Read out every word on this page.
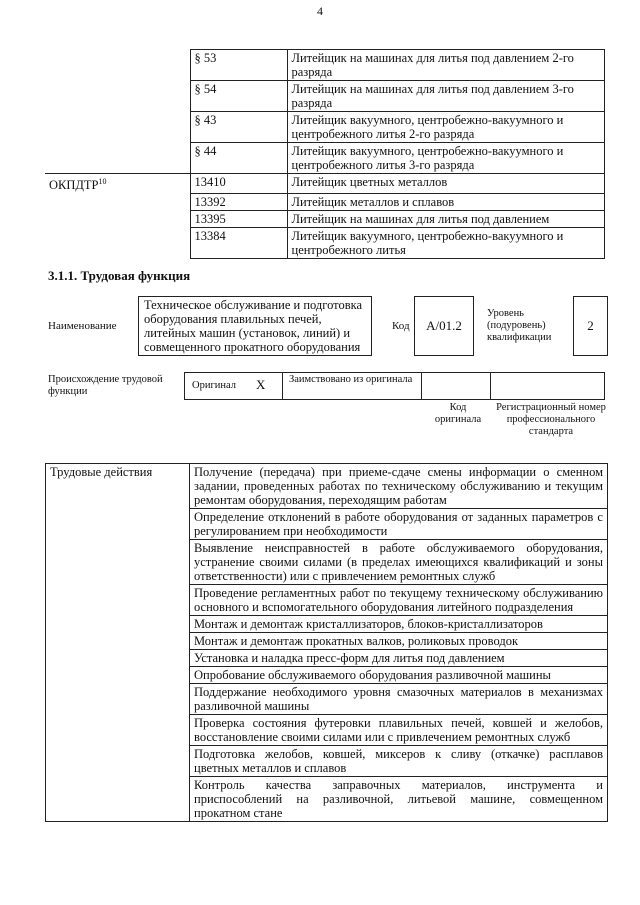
4
	§ 53	Литейщик на машинах для литья под давлением 2-го разряда
	§ 54	Литейщик на машинах для литья под давлением 3-го разряда
	§ 43	Литейщик вакуумного, центробежно-вакуумного и центробежного литья 2-го разряда
	§ 44	Литейщик вакуумного, центробежно-вакуумного и центробежного литья 3-го разряда
ОКПДТР$^{10}$	13410	Литейщик цветных металлов
	13392	Литейщик металлов и сплавов
	13395	Литейщик на машинах для литья под давлением
	13384	Литейщик вакуумного, центробежно-вакуумного и центробежного литья
3.1.1. Трудовая функция
Наименование
Техническое обслуживание и подготовка оборудования плавильных печей, литейных машин (установок, линий) и совмещенного прокатного оборудования
Код А/01.2
Уровень (подуровень) квалификации
2
Происхождение трудовой функции
Оригинал X Заимствовано из оригинала
Код оригинала
Регистрационный номер профессионального стандарта
Трудовые действия	Получение (передача) при приеме-сдаче смены информации о сменном задании, проведенных работах по техническому обслуживанию и текущим ремонтам оборудования, переходящим работам
Определение отклонений в работе оборудования от заданных параметров с регулированием при необходимости
Выявление неисправностей в работе обслуживаемого оборудования, устранение своими силами (в пределах имеющихся квалификаций и зоны ответственности) или с привлечением ремонтных служб
Проведение регламентных работ по текущему техническому обслуживанию основного и вспомогательного оборудования литейного подразделения
Монтаж и демонтаж кристаллизаторов, блоков-кристаллизаторов
Монтаж и демонтаж прокатных валков, роликовых проводок
Установка и наладка пресс-форм для литья под давлением
Опробование обслуживаемого оборудования разливочной машины
Поддержание необходимого уровня смазочных материалов в механизмах разливочной машины
Проверка состояния футеровки плавильных печей, ковшей и желобов, восстановление своими силами или с привлечением ремонтных служб
Подготовка желобов, ковшей, миксеров к сливу (откачке) расплавов цветных металлов и сплавов
Контроль качества заправочных материалов, инструмента и приспособлений на разливочной, литьевой машине, совмещенном прокатном стане
